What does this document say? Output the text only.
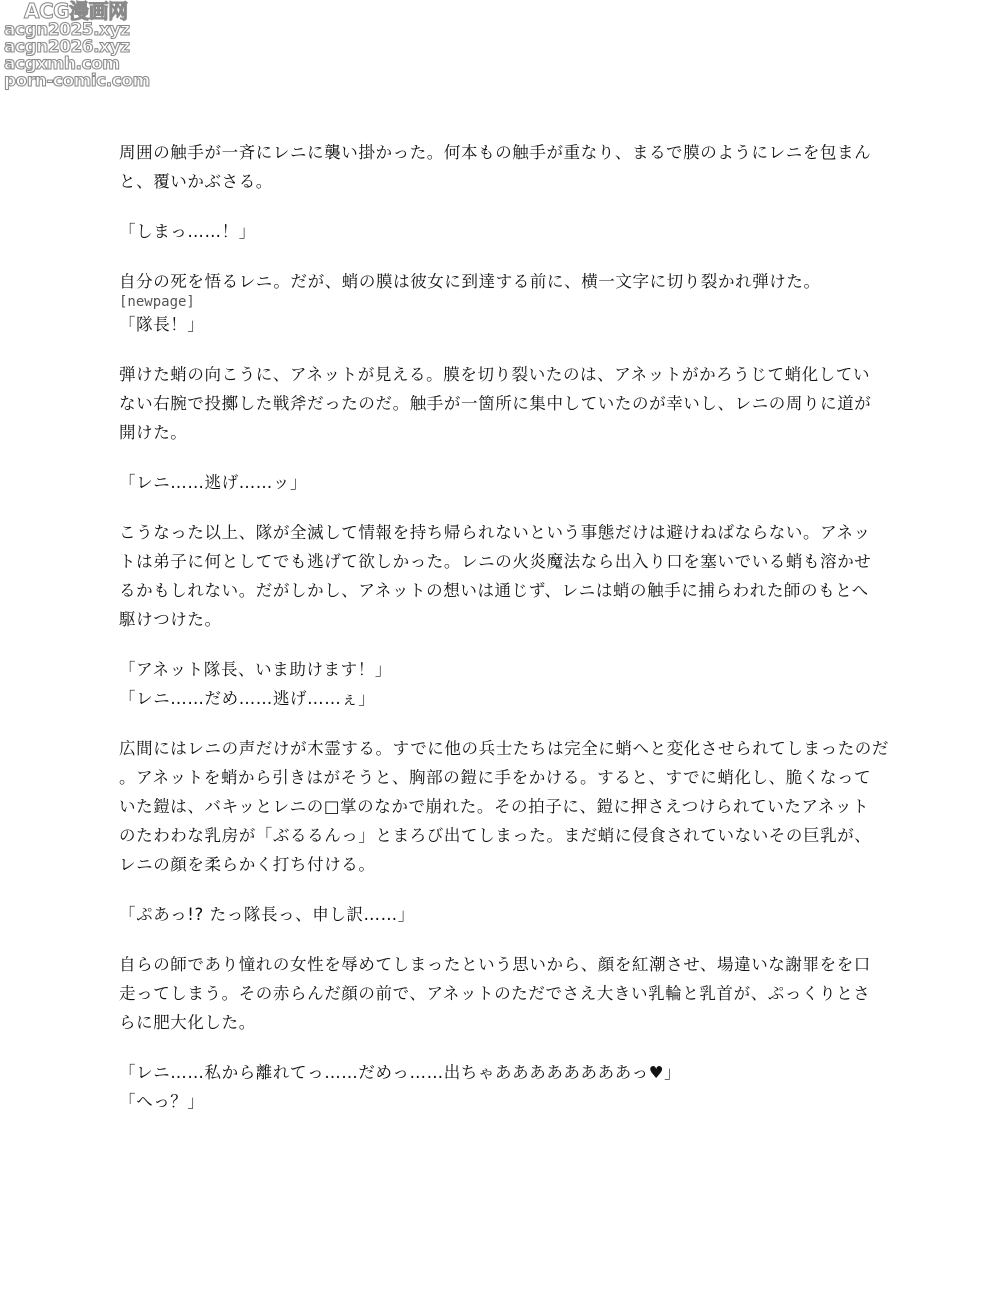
ACG漫画网
acgn2025.xyz
acgn2026.xyz
acgxmh.com
porn-comic.com
周囲の触手が一斉にレニに襲い掛かった。何本もの触手が重なり、まるで膜のようにレニを包まん
と、覆いかぶさる。
「しまっ……！」
自分の死を悟るレニ。だが、蛸の膜は彼女に到達する前に、横一文字に切り裂かれ弾けた。
[newpage]
「隊長！」
弾けた蛸の向こうに、アネットが見える。膜を切り裂いたのは、アネットがかろうじて蛸化してい
ない右腕で投擲した戦斧だったのだ。触手が一箇所に集中していたのが幸いし、レニの周りに道が
開けた。
「レニ……逃げ……ッ」
こうなった以上、隊が全滅して情報を持ち帰られないという事態だけは避けねばならない。アネッ
トは弟子に何としてでも逃げて欲しかった。レニの火炎魔法なら出入り口を塞いでいる蛸も溶かせ
るかもしれない。だがしかし、アネットの想いは通じず、レニは蛸の触手に捕らわれた師のもとへ
駆けつけた。
「アネット隊長、いま助けます！」
「レニ……だめ……逃げ……ぇ」
広間にはレニの声だけが木霊する。すでに他の兵士たちは完全に蛸へと変化させられてしまったのだ
。アネットを蛸から引きはがそうと、胸部の鎧に手をかける。すると、すでに蛸化し、脆くなって
いた鎧は、バキッとレニの□掌のなかで崩れた。その拍子に、鎧に押さえつけられていたアネット
のたわわな乳房が「ぶるるんっ」とまろび出てしまった。まだ蛸に侵食されていないその巨乳が、
レニの顔を柔らかく打ち付ける。
「ぷあっ!? たっ隊長っ、申し訳……」
自らの師であり憧れの女性を辱めてしまったという思いから、顔を紅潮させ、場違いな謝罪をを口
走ってしまう。その赤らんだ顔の前で、アネットのただでさえ大きい乳輪と乳首が、ぷっくりとさ
らに肥大化した。
「レニ……私から離れてっ……だめっ……出ちゃああああああああっ♥」
「へっ？」
